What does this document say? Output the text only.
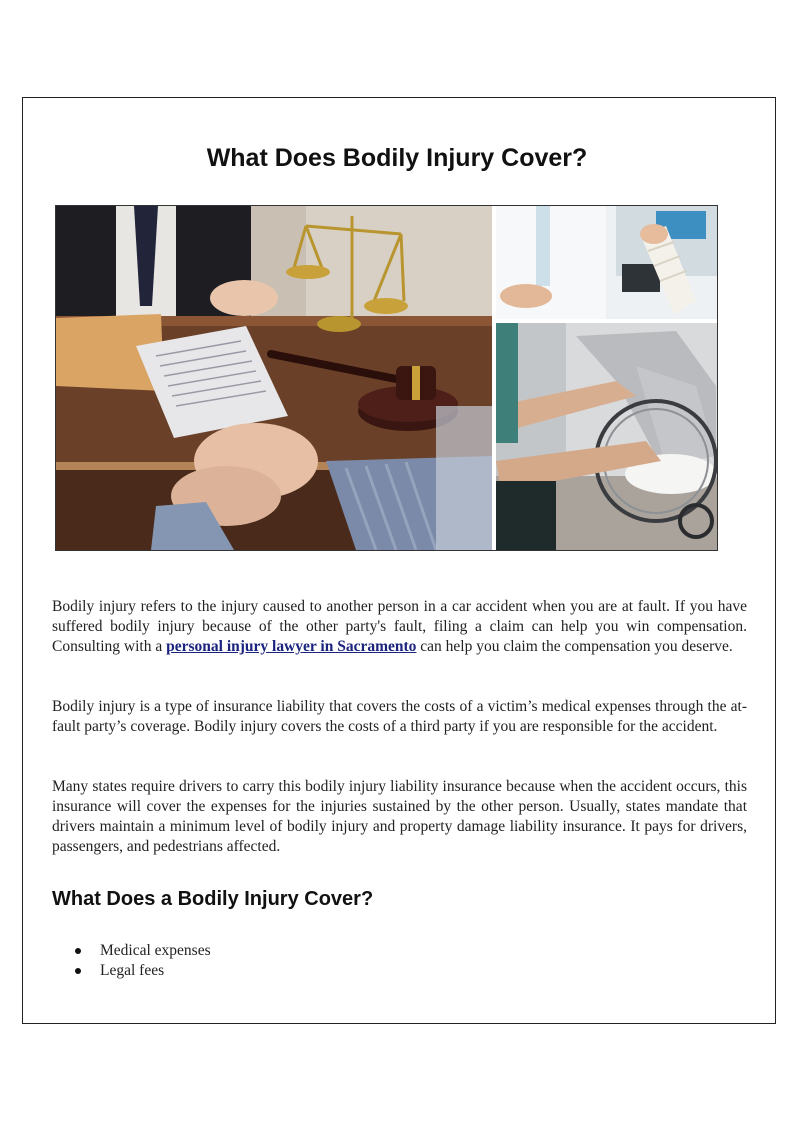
What Does Bodily Injury Cover?

Bodily injury refers to the injury caused to another person in a car accident when you are at fault. If you have suffered bodily injury because of the other party's fault, filing a claim can help you win compensation. Consulting with a personal injury lawyer in Sacramento can help you claim the compensation you deserve.

Bodily injury is a type of insurance liability that covers the costs of a victim’s medical expenses through the at-fault party’s coverage. Bodily injury covers the costs of a third party if you are responsible for the accident.

Many states require drivers to carry this bodily injury liability insurance because when the accident occurs, this insurance will cover the expenses for the injuries sustained by the other person. Usually, states mandate that drivers maintain a minimum level of bodily injury and property damage liability insurance. It pays for drivers, passengers, and pedestrians affected.

What Does a Bodily Injury Cover?
Medical expenses
Legal fees
